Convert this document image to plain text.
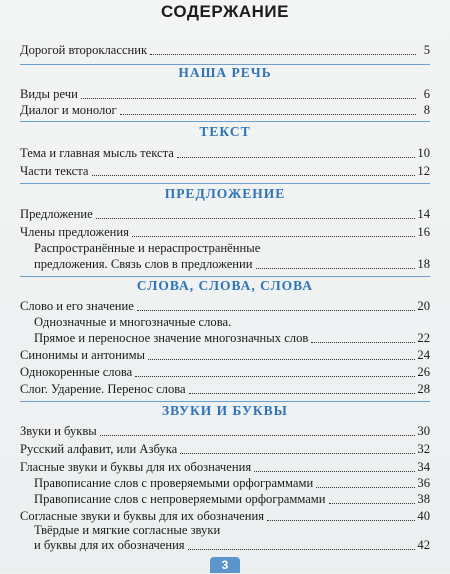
СОДЕРЖАНИЕ
Дорогой второклассник	5
НАША РЕЧЬ
Виды речи	6
Диалог и монолог	8
ТЕКСТ
Тема и главная мысль текста	10
Части текста	12
ПРЕДЛОЖЕНИЕ
Предложение	14
Члены предложения	16
Распространённые и нераспространённые
предложения. Связь слов в предложении	18
СЛОВА, СЛОВА, СЛОВА
Слово и его значение	20
Однозначные и многозначные слова.
Прямое и переносное значение многозначных слов	22
Синонимы и антонимы	24
Однокоренные слова	26
Слог. Ударение. Перенос слова	28
ЗВУКИ И БУКВЫ
Звуки и буквы	30
Русский алфавит, или Азбука	32
Гласные звуки и буквы для их обозначения	34
Правописание слов с проверяемыми орфограммами	36
Правописание слов с непроверяемыми орфограммами	38
Согласные звуки и буквы для их обозначения	40
Твёрдые и мягкие согласные звуки
и буквы для их обозначения	42
3
